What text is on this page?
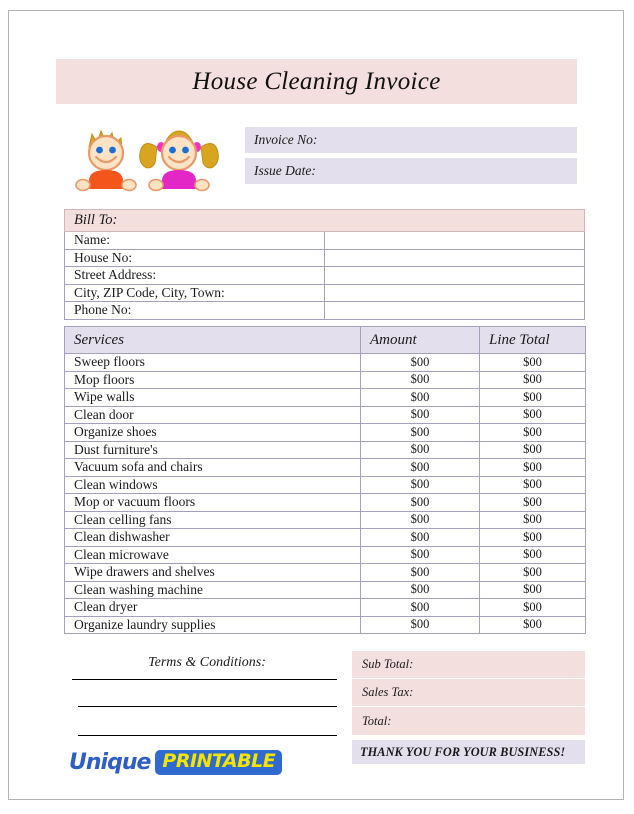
House Cleaning Invoice
Invoice No:
Issue Date:
Bill To:	
Name:	
House No:	
Street Address:	
City, ZIP Code, City, Town:	
Phone No:	
Services	Amount	Line Total
Sweep floors	$00	$00
Mop floors	$00	$00
Wipe walls	$00	$00
Clean door	$00	$00
Organize shoes	$00	$00
Dust furniture's	$00	$00
Vacuum sofa and chairs	$00	$00
Clean windows	$00	$00
Mop or vacuum floors	$00	$00
Clean celling fans	$00	$00
Clean dishwasher	$00	$00
Clean microwave	$00	$00
Wipe drawers and shelves	$00	$00
Clean washing machine	$00	$00
Clean dryer	$00	$00
Organize laundry supplies	$00	$00
Terms & Conditions:
Unique PRINTABLE
Sub Total:
Sales Tax:
Total:
THANK YOU FOR YOUR BUSINESS!
